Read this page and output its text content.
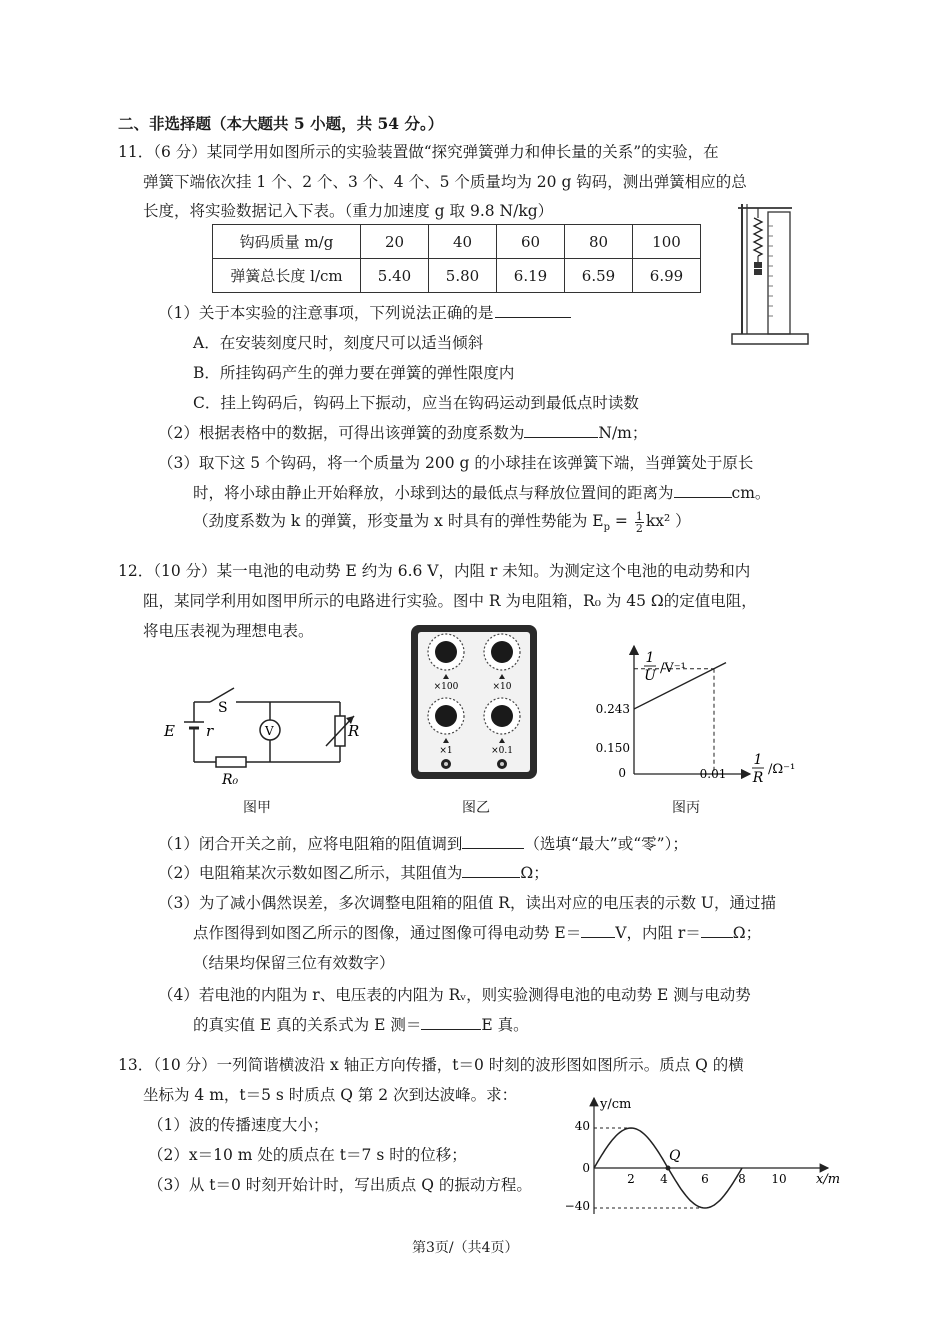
二、非选择题（本大题共 5 小题，共 54 分。）
11．（6 分）某同学用如图所示的实验装置做“探究弹簧弹力和伸长量的关系”的实验，在
弹簧下端依次挂 1 个、2 个、3 个、4 个、5 个质量均为 20 g 钩码，测出弹簧相应的总
长度，将实验数据记入下表。（重力加速度 g 取 9.8 N/kg）
钩码质量 m/g	20	40	60	80	100
弹簧总长度 l/cm	5.40	5.80	6.19	6.59	6.99
（1）关于本实验的注意事项，下列说法正确的是
A．在安装刻度尺时，刻度尺可以适当倾斜
B．所挂钩码产生的弹力要在弹簧的弹性限度内
C．挂上钩码后，钩码上下振动，应当在钩码运动到最低点时读数
（2）根据表格中的数据，可得出该弹簧的劲度系数为	N/m；
（3）取下这 5 个钩码，将一个质量为 200 g 的小球挂在该弹簧下端，当弹簧处于原长
时，将小球由静止开始释放，小球到达的最低点与释放位置间的距离为	cm。
（劲度系数为 k 的弹簧，形变量为 x 时具有的弹性势能为 $E_p = \frac{1}{2} kx^2$ ）
12．（10 分）某一电池的电动势 E 约为 6.6 V，内阻 r 未知。为测定这个电池的电动势和内
阻，某同学利用如图甲所示的电路进行实验。图中 R 为电阻箱，R₀ 为 45 Ω的定值电阻，
将电压表视为理想电表。
E r
S
V	R
R₀
图甲
×100	×10
×1	×0.1
图乙
1
U /V⁻¹
1
R
/Ω⁻¹
0.243
0.150
0	0.01
图丙
（1）闭合开关之前，应将电阻箱的阻值调到	（选填“最大”或“零”）；
（2）电阻箱某次示数如图乙所示，其阻值为	Ω；
（3）为了减小偶然误差，多次调整电阻箱的阻值 R，读出对应的电压表的示数 U，通过描
点作图得到如图乙所示的图像，通过图像可得电动势 E＝ V，内阻 r＝ Ω；
（结果均保留三位有效数字）
（4）若电池的内阻为 r、电压表的内阻为 Rᵥ，则实验测得电池的电动势 E 测与电动势
的真实值 E 真的关系式为 E 测＝	E 真。
13．（10 分）一列简谐横波沿 x 轴正方向传播，t＝0 时刻的波形图如图所示。质点 Q 的横
坐标为 4 m，t＝5 s 时质点 Q 第 2 次到达波峰。求：
（1）波的传播速度大小；
（2）x＝10 m 处的质点在 t＝7 s 时的位移；
（3）从 t＝0 时刻开始计时，写出质点 Q 的振动方程。
y/cm
x/m
40
0
−40
2 4	6 8 10
Q
第3页/（共4页）
